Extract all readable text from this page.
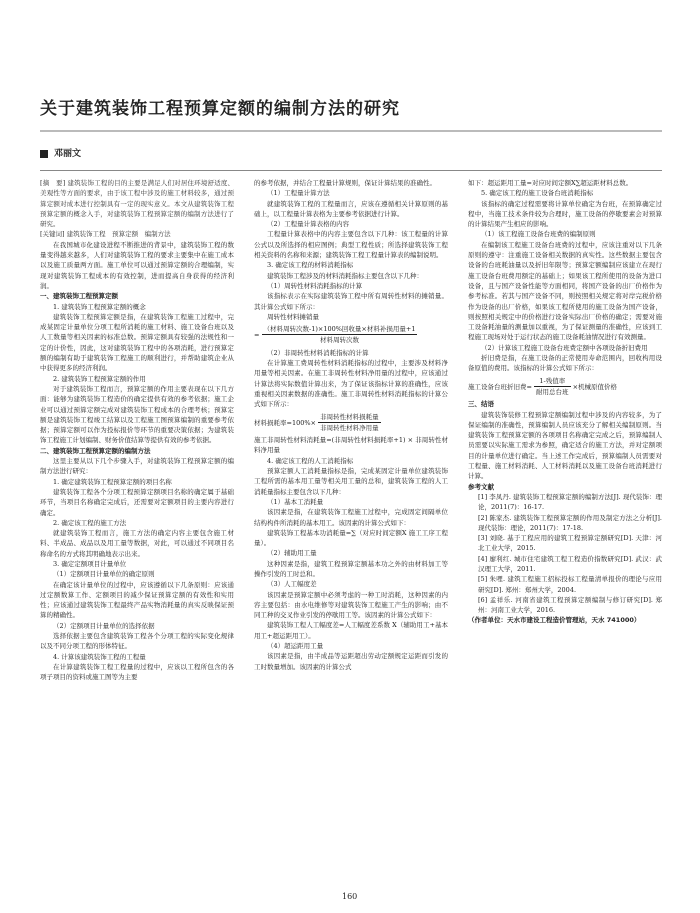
关于建筑装饰工程预算定额的编制方法的研究
邓丽文

[摘　要] 建筑装饰工程的目的主要是满足人们对居住环境舒适度、美观性等方面的要求，由于该工程中涉及的施工材料较多，通过预算定额对成本进行控制具有一定的现实意义。本文从建筑装饰工程预算定额的概念入手，对建筑装饰工程预算定额的编制方法进行了研究。

[关键词] 建筑装饰工程　预算定额　编制方法

在我国城市化建设进程不断推进的背景中，建筑装饰工程的数量变得越来越多，人们对建筑装饰工程的要求主要集中在施工成本以及施工质量两方面。施工单位可以通过预算定额的合理编制，实现对建筑装饰工程成本的有效控制，进而提高自身获得的经济利润。

一、建筑装饰工程预算定额

1. 建筑装饰工程预算定额的概念

建筑装饰工程预算定额是指，在建筑装饰工程施工过程中，完成某固定计量单位分项工程所消耗的施工材料、施工设备台班以及人工数量等相关因素的标准总数。预算定额具有较强的法规性和一定的计价性，因此，这对建筑装饰工程中的各项消耗，进行预算定额的编制有助于建筑装饰工程施工的顺利进行，并帮助建筑企业从中获得更多的经济利润。

2. 建筑装饰工程预算定额的作用

对于建筑装饰工程而言，预算定额的作用主要表现在以下几方面：能够为建筑装饰工程造价的确定提供有效的参考依据；施工企业可以通过预算定额完成对建筑装饰工程成本的合理考核；预算定额是建筑装饰工程竣工结算以及工程施工图预算编制的重要参考依据；预算定额可以作为投标报价等环节的重要决策依据；为建筑装饰工程施工计划编制、财务价值结算等提供有效的参考依据。

二、建筑装饰工程预算定额的编制方法

这里主要从以下几个步骤入手，对建筑装饰工程预算定额的编制方法进行研究：

1. 确定建筑装饰工程预算定额的项目名称

建筑装饰工程各个分项工程预算定额项目名称的确定属于基础环节，当项目名称确定完成后，还需要对定额项目的主要内容进行确定。

2. 确定该工程的施工方法

就建筑装饰工程而言，施工方法的确定内容主要包含施工材料、半成品、成品以及用工量等数据，对此，可以通过不同项目名称命名的方式将其明确地表示出来。

3. 确定定额项目计量单位

（1）定额项目计量单位的确定原则

在确定该计量单位的过程中，应该遵循以下几条原则：应该通过定额数算工作、定额项目的减少保证预算定额的有效性和实用性；应该通过建筑装饰工程最终产品实物消耗量的真实反映保证预算的精确性。

（2）定额项目计量单位的选择依据

选择依据主要包含建筑装饰工程各个分项工程的实际变化规律以及不同分项工程的形体特征。

4. 计算该建筑装饰工程的工程量

在计算建筑装饰工程工程量的过程中，应该以工程所包含的各项子项目的资料或施工图等为主要

的参考依据，并结合工程量计算规则，保证计算结果的准确性。

（1）工程量计算方法

就建筑装饰工程的工程量而言，应该在遵循相关计算原则的基础上，以工程量计算表格为主要参考依据进行计算。

（2）工程量计算表格的内容

工程量计算表格中的内容主要包含以下几种：该工程量的计算公式以及所选择的相应图例；典型工程性质；所选择建筑装饰工程相关资料的名称和来源；建筑装饰工程工程量计算表的编制说明。

3. 确定该工程的材料消耗指标

建筑装饰工程涉及的材料消耗指标主要包含以下几种：

（1）周转性材料消耗指标的计算

该指标表示在实际建筑装饰工程中所有周转性材料的摊销量。其计算公式如下所示：

周转性材料摊销量

= $\frac{\text{（材料周转次数-1)×100\%回收量×材料补损用量+1}}{\text{材料周转次数}}$

（2）非周转性材料消耗指标的计算

在计算施工费周转性材料消耗指标的过程中，主要涉及材料净用量等相关因素。在施工非周转性材料净用量的过程中，应该通过计算法将实际数值计算出来，为了保证该指标计算的准确性，应该重视相关因素数据的准确性。施工非周转性材料消耗指标的计算公式如下所示：

材料损耗率$=100\%\times \frac{\text{非周转性材料损耗量}}{\text{非周转性材料净用量}}$

施工非周转性材料消耗量=(非周转性材料损耗率+1) × 非周转性材料净用量

4. 确定该工程的人工消耗指标

预算定额人工消耗量指标是指，完成某固定计量单位建筑装饰工程所需的基本用工量等相关用工量的总和，建筑装饰工程的人工消耗量指标主要包含以下几种：

（1）基本工消耗量

该因素是指，在建筑装饰工程施工过程中，完成固定间隔单位结构构件所消耗的基本用工。该因素的计算公式如下：

建筑装饰工程基本功消耗量=∑（对应时间定额X 施工工序工程量）。

（2）辅助用工量

这种因素是指，建筑工程预算定额基本功之外的由材料加工等操作引发的工时总和。

（3）人工幅度差

该因素是预算定额中必须考虑的一种工时消耗，这种因素的内容主要包括：由水电维修等对建筑装饰工程施工产生的影响；由不同工种的交叉作业引发的停歇用工等。该因素的计算公式如下：

建筑装饰工程人工幅度差=人工幅度差系数 X（辅助用工+基本用工+超运距用工）。

（4）超运距用工量

该因素是指，由半成品等运距超出劳动定额规定运距而引发的工时数量增加。该因素的计算公式

如下：超运距用工量=对应时间定额X∑超运距材料总数。

5. 确定该工程的施工设备台班消耗指标

该指标的确定过程需要将计算单位确定为台班，在预算确定过程中，当施工技术条件较为合理时，施工设备的停歇要素会对预算的计算结果产生相应的影响。

（1）该工程施工设备台班费的编制原则

在编制该工程施工设备台班费的过程中，应该注重对以下几条原则的遵守：注重施工设备相关数据的真实性。这些数据主要包含设备的台班耗油量以及折旧年限等；预算定额编制应该建立在现行施工设备台班费用额定的基础上；如果该工程所使用的设备为进口设备，且与国产设备性能等方面相同，将国产设备的出厂价格作为参考标准。若其与国产设备不同，则按照相关规定将对岸完税价格作为设备的出厂价格，如果该工程所使用的施工设备为国产设备，则按照相关规定中的价格进行设备实际出厂价格的确定；需要对施工设备耗油量的测量加以重视，为了保证测量的准确性，应该到工程施工现场对处于运行状态的施工设备耗油情况进行有效测量。

（2）计算该工程施工设备台班费定额中各项设备折旧费用

折旧费是指，在施工设备的正常使用寿命范围内，回收构用设备原值的费用。该指标的计算公式如下所示：

施工设备台班折旧费= $\frac{\text{1-残值率}}{\text{耐用总台班}}$ ×机械原值价格

三、结语

建筑装饰装修工程预算定额编制过程中涉及的内容较多，为了保证编制的准确性，预算编制人员应该充分了解相关编制原则。当建筑装饰工程预算定额的各项项目名称确定完成之后，预算编制人员需要以实际施工需求为参照，确定适合的施工方法，并对定额项目的计量单位进行确定。当上述工作完成后，预算编制人员需要对工程量、施工材料消耗、人工材料消耗以及施工设备台班消耗进行计算。

参考文献

[1] 李凤丹. 建筑装饰工程预算定额的编制方法[J]. 现代装饰：理论，2011(7)：16-17.

[2] 陈家杰. 建筑装饰工程预算定额的作用及制定方法之分析[J]. 现代装饰：理论，2011(7)：17-18.

[3] 刘晓. 基于工程应用的建筑工程预算定额研究[D]. 天津：河北工业大学，2015.

[4] 廖利红. 城市住宅建筑工程工程造价指数研究[D]. 武汉：武汉理工大学，2011.

[5] 朱哩. 建筑工程施工招标投标工程量清单报价的理论与应用研究[D]. 郑州：郑州大学，2004.

[6] 孟祥乐. 河南省建筑工程预算定额编制与修订研究[D]. 郑州：河南工业大学，2016.

（作者单位：天水市建设工程造价管理站，天水 741000）

160
